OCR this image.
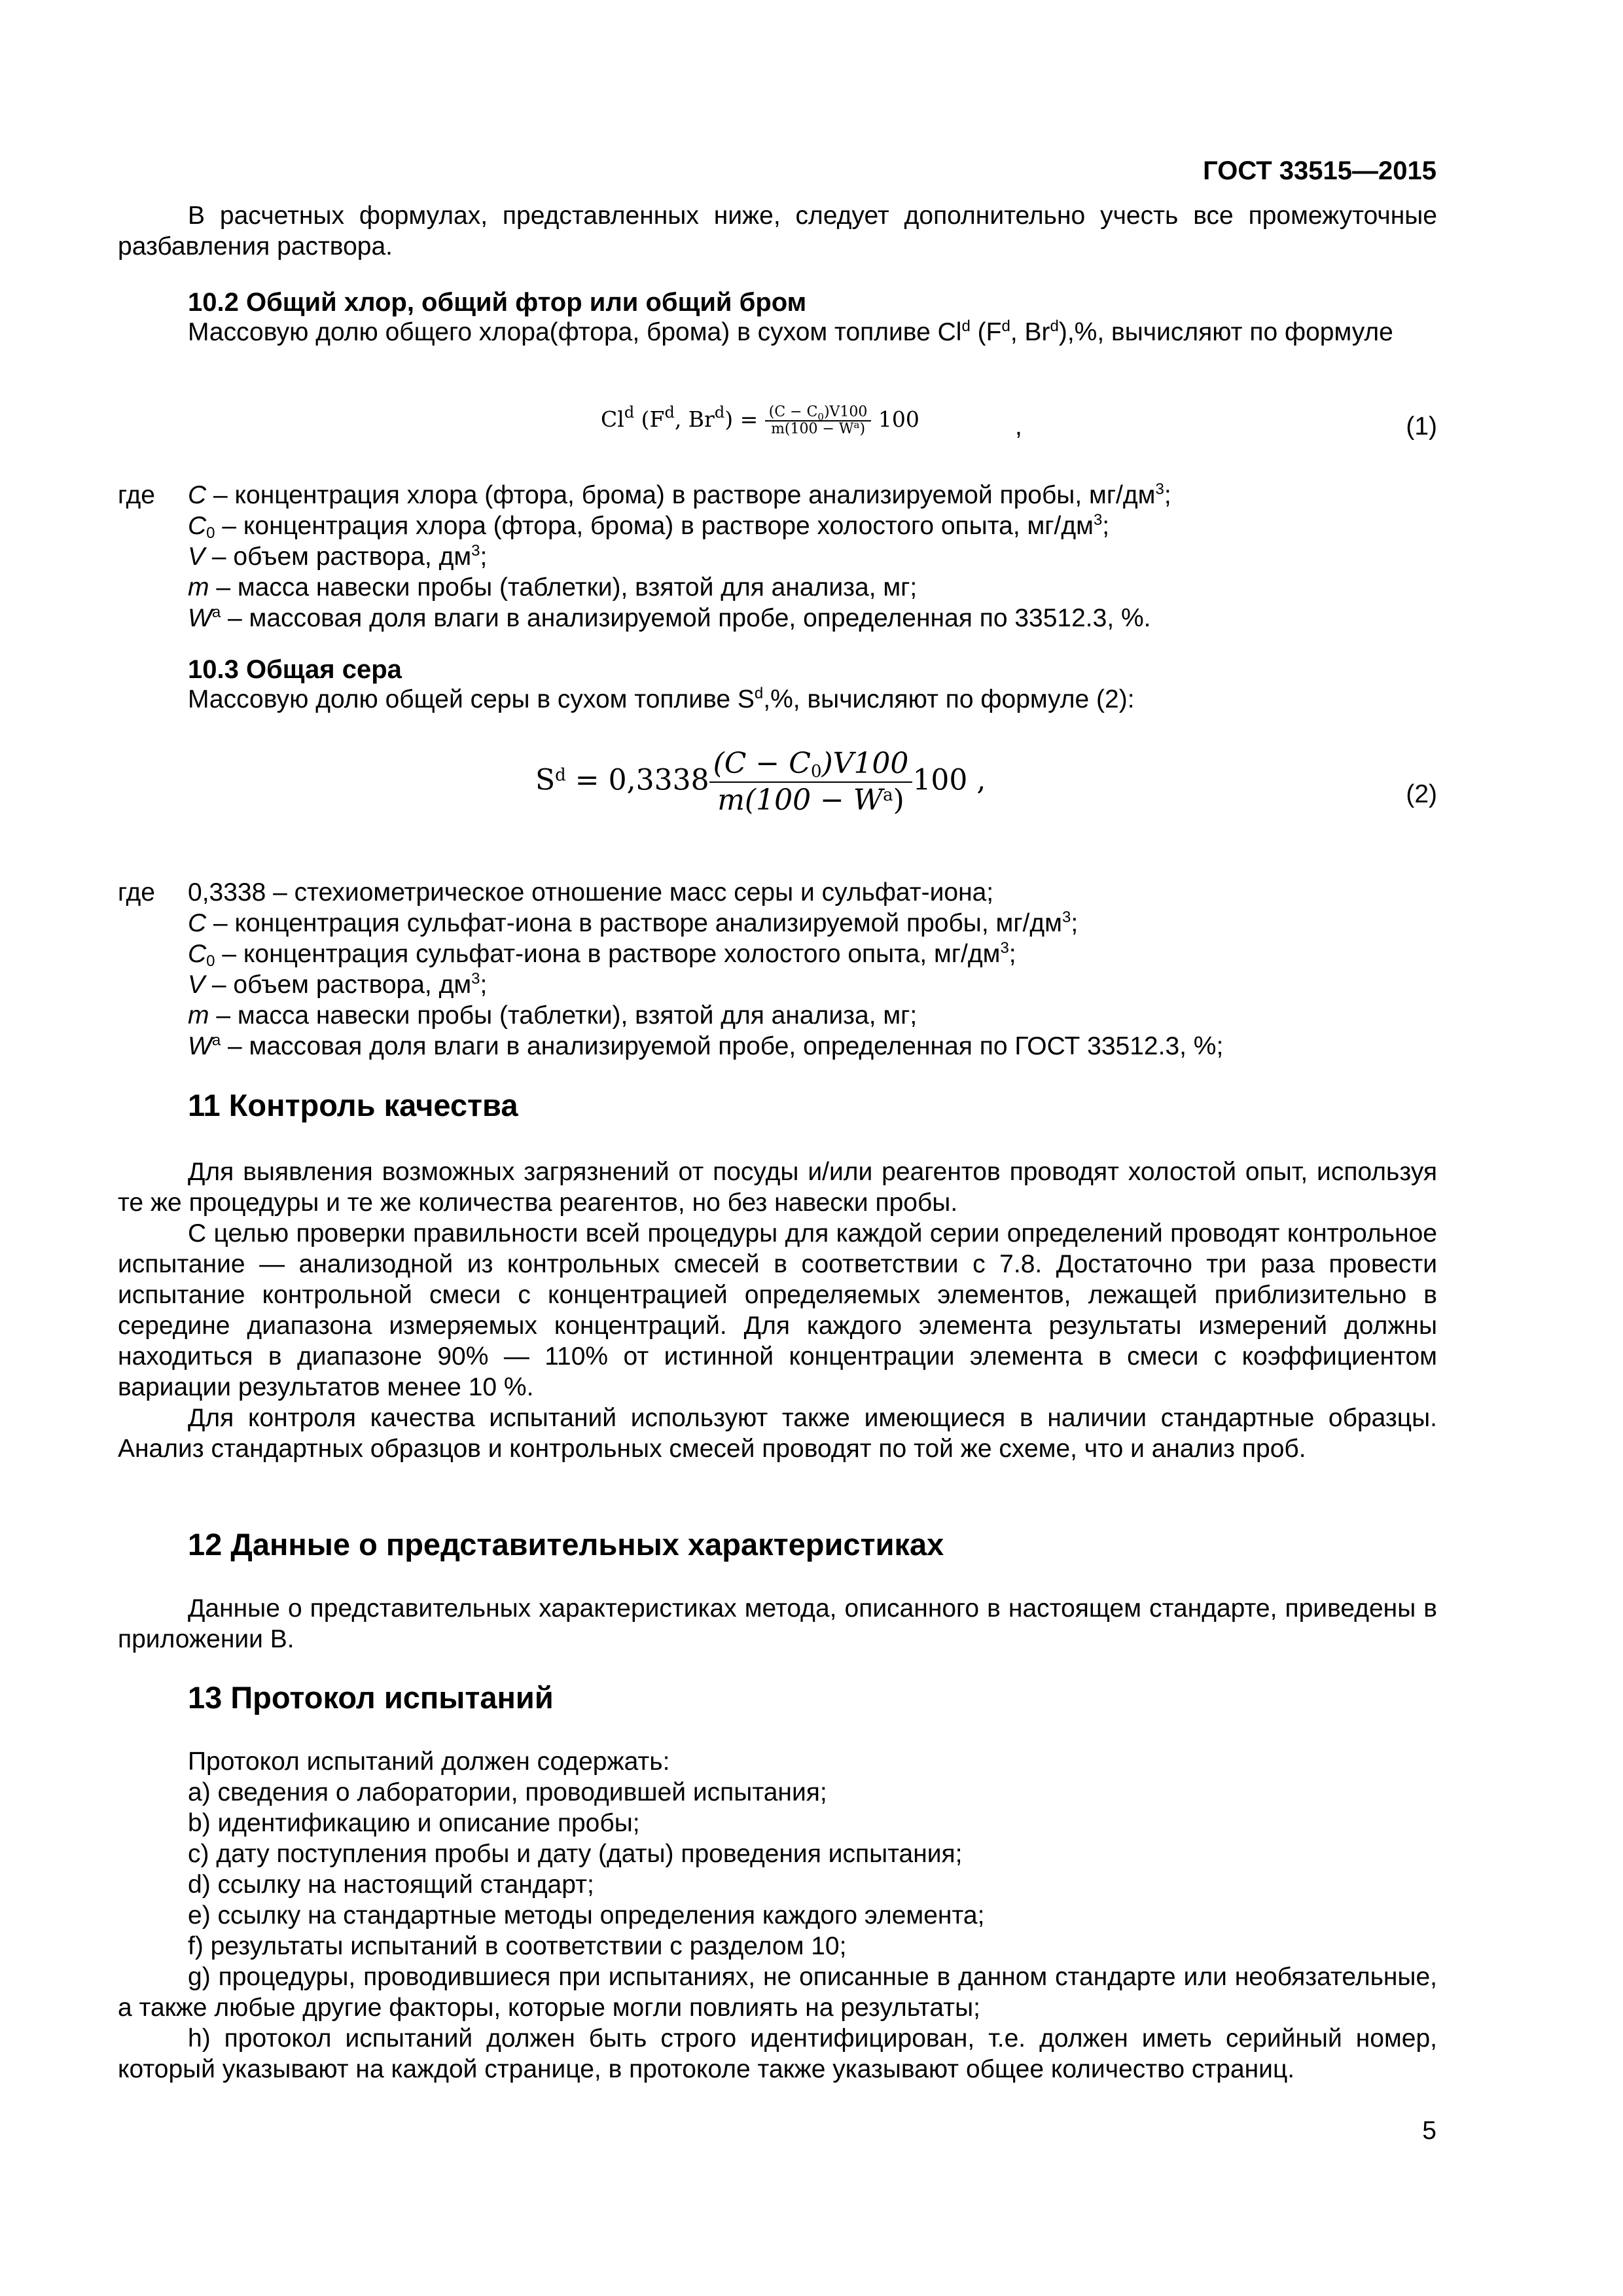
ГОСТ 33515—2015
В расчетных формулах, представленных ниже, следует дополнительно учесть все промежуточные разбавления раствора.
10.2 Общий хлор, общий фтор или общий бром
Массовую долю общего хлора(фтора, брома) в сухом топливе Cl$^d$ ($F^d$, Br$^d$),%, вычисляют по формуле
Cl$^d$ ($F^d$, $Br^d) = \frac{(C - C_0)V100}{m(100 - W^a)} 100$	,	(1)
где C – концентрация хлора (фтора, брома) в растворе анализируемой пробы, $мг/дм^3$;
$C_0$ – концентрация хлора (фтора, брома) в растворе холостого опыта, $мг/дм^3$;
V – объем раствора, $дм^3$;
m – масса навески пробы (таблетки), взятой для анализа, мг;
$W^a$ – массовая доля влаги в анализируемой пробе, определенная по 33512.3, %.
10.3 Общая сера
Массовую долю общей серы в сухом топливе $S^d,\%$, вычисляют по формуле (2):
$S^d = 0,3338 \frac{(C - C_0)V100}{m(100 - W^a)} 100$ ,	(2)
где 0,3338 – стехиометрическое отношение масс серы и сульфат-иона;
C – концентрация сульфат-иона в растворе анализируемой пробы, $мг/дм^3$;
$C_0$ – концентрация сульфат-иона в растворе холостого опыта, $мг/дм^3$;
V – объем раствора, $дм^3$;
m – масса навески пробы (таблетки), взятой для анализа, мг;
$W^a$ – массовая доля влаги в анализируемой пробе, определенная по ГОСТ 33512.3, %;
11 Контроль качества
Для выявления возможных загрязнений от посуды и/или реагентов проводят холостой опыт, используя те же процедуры и те же количества реагентов, но без навески пробы.
С целью проверки правильности всей процедуры для каждой серии определений проводят контрольное испытание — анализодной из контрольных смесей в соответствии с 7.8. Достаточно три раза провести испытание контрольной смеси с концентрацией определяемых элементов, лежащей приблизительно в середине диапазона измеряемых концентраций. Для каждого элемента результаты измерений должны находиться в диапазоне 90% — 110% от истинной концентрации элемента в смеси с коэффициентом вариации результатов менее 10 %.
Для контроля качества испытаний используют также имеющиеся в наличии стандартные образцы. Анализ стандартных образцов и контрольных смесей проводят по той же схеме, что и анализ проб.
12 Данные о представительных характеристиках
Данные о представительных характеристиках метода, описанного в настоящем стандарте, приведены в приложении В.
13 Протокол испытаний
Протокол испытаний должен содержать:
a) сведения о лаборатории, проводившей испытания;
b) идентификацию и описание пробы;
c) дату поступления пробы и дату (даты) проведения испытания;
d) ссылку на настоящий стандарт;
e) ссылку на стандартные методы определения каждого элемента;
f) результаты испытаний в соответствии с разделом 10;
g) процедуры, проводившиеся при испытаниях, не описанные в данном стандарте или необязательные, а также любые другие факторы, которые могли повлиять на результаты;
h) протокол испытаний должен быть строго идентифицирован, т.е. должен иметь серийный номер, который указывают на каждой странице, в протоколе также указывают общее количество страниц.
5
